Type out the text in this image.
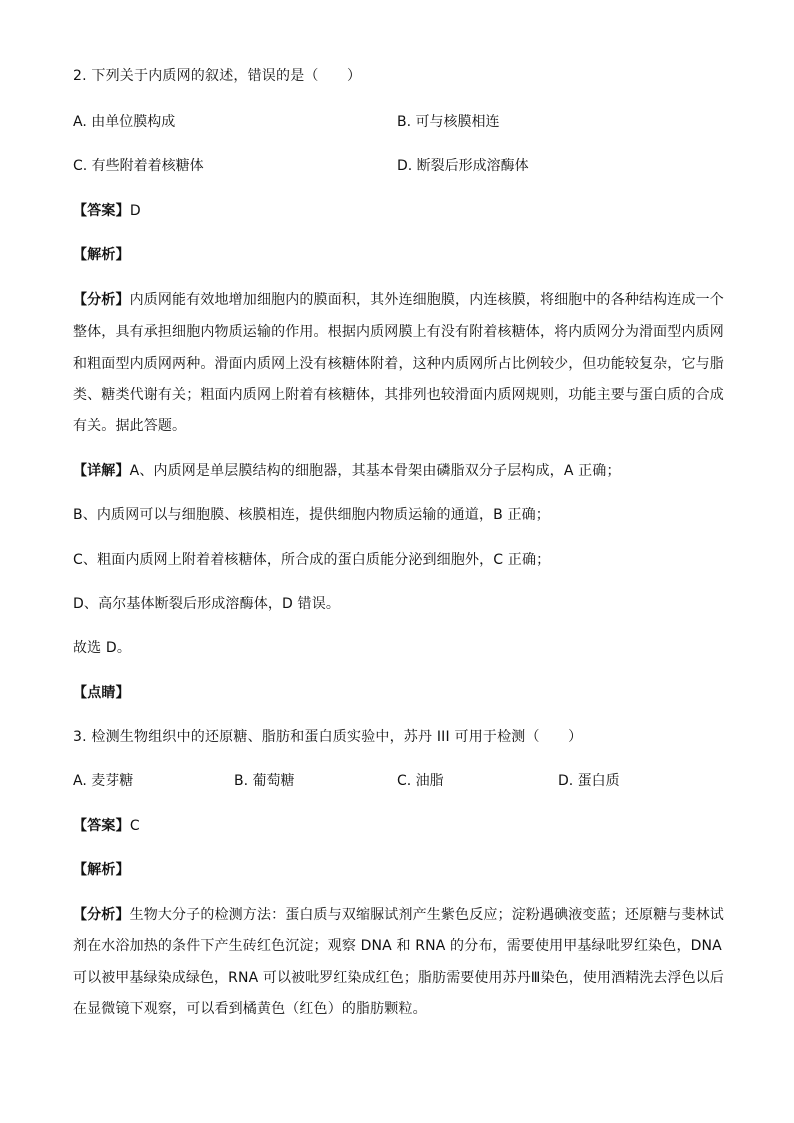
2. 下列关于内质网的叙述，错误的是（　　）
A. 由单位膜构成	B. 可与核膜相连
C. 有些附着着核糖体	D. 断裂后形成溶酶体
【答案】D
【解析】
【分析】内质网能有效地增加细胞内的膜面积，其外连细胞膜，内连核膜，将细胞中的各种结构连成一个
整体，具有承担细胞内物质运输的作用。根据内质网膜上有没有附着核糖体，将内质网分为滑面型内质网
和粗面型内质网两种。滑面内质网上没有核糖体附着，这种内质网所占比例较少，但功能较复杂，它与脂
类、糖类代谢有关；粗面内质网上附着有核糖体，其排列也较滑面内质网规则，功能主要与蛋白质的合成
有关。据此答题。
【详解】A、内质网是单层膜结构的细胞器，其基本骨架由磷脂双分子层构成，A 正确；
B、内质网可以与细胞膜、核膜相连，提供细胞内物质运输的通道，B 正确；
C、粗面内质网上附着着核糖体，所合成的蛋白质能分泌到细胞外，C 正确；
D、高尔基体断裂后形成溶酶体，D 错误。
故选 D。
【点睛】
3. 检测生物组织中的还原糖、脂肪和蛋白质实验中，苏丹 III 可用于检测（　　）
A. 麦芽糖	B. 葡萄糖	C. 油脂	D. 蛋白质
【答案】C
【解析】
【分析】生物大分子的检测方法：蛋白质与双缩脲试剂产生紫色反应；淀粉遇碘液变蓝；还原糖与斐林试
剂在水浴加热的条件下产生砖红色沉淀；观察 DNA 和 RNA 的分布，需要使用甲基绿吡罗红染色，DNA
可以被甲基绿染成绿色，RNA 可以被吡罗红染成红色；脂肪需要使用苏丹Ⅲ染色，使用酒精洗去浮色以后
在显微镜下观察，可以看到橘黄色（红色）的脂肪颗粒。
